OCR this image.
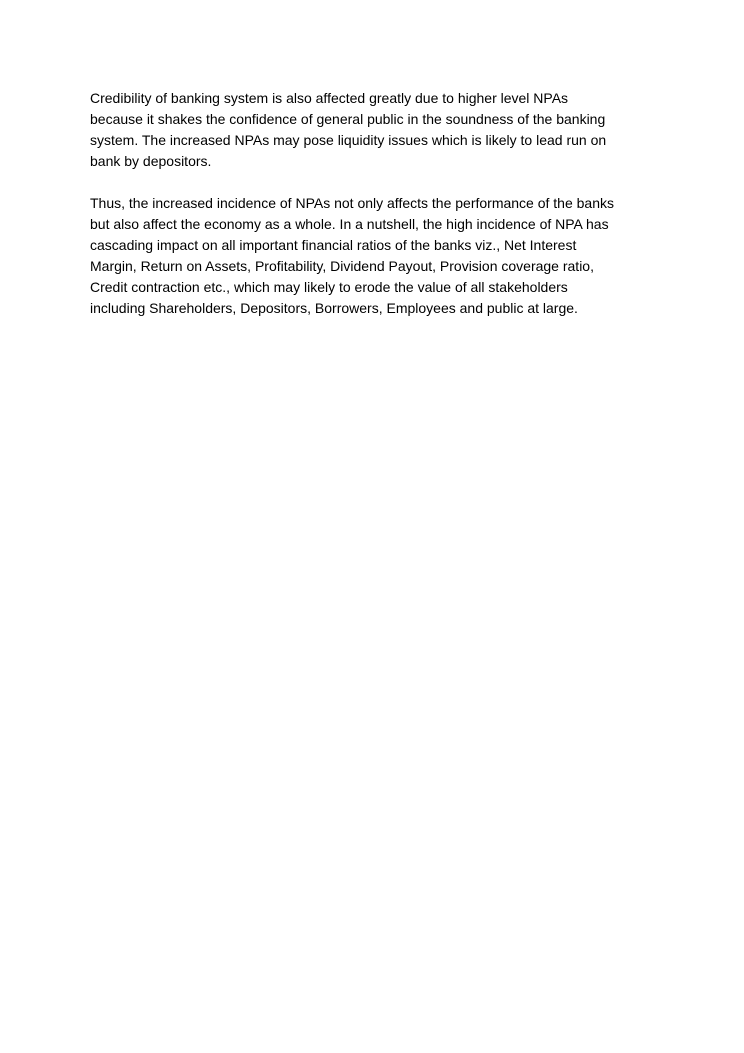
Credibility of banking system is also affected greatly due to higher level NPAs
because it shakes the confidence of general public in the soundness of the banking
system. The increased NPAs may pose liquidity issues which is likely to lead run on
bank by depositors.
Thus, the increased incidence of NPAs not only affects the performance of the banks
but also affect the economy as a whole. In a nutshell, the high incidence of NPA has
cascading impact on all important financial ratios of the banks viz., Net Interest
Margin, Return on Assets, Profitability, Dividend Payout, Provision coverage ratio,
Credit contraction etc., which may likely to erode the value of all stakeholders
including Shareholders, Depositors, Borrowers, Employees and public at large.
